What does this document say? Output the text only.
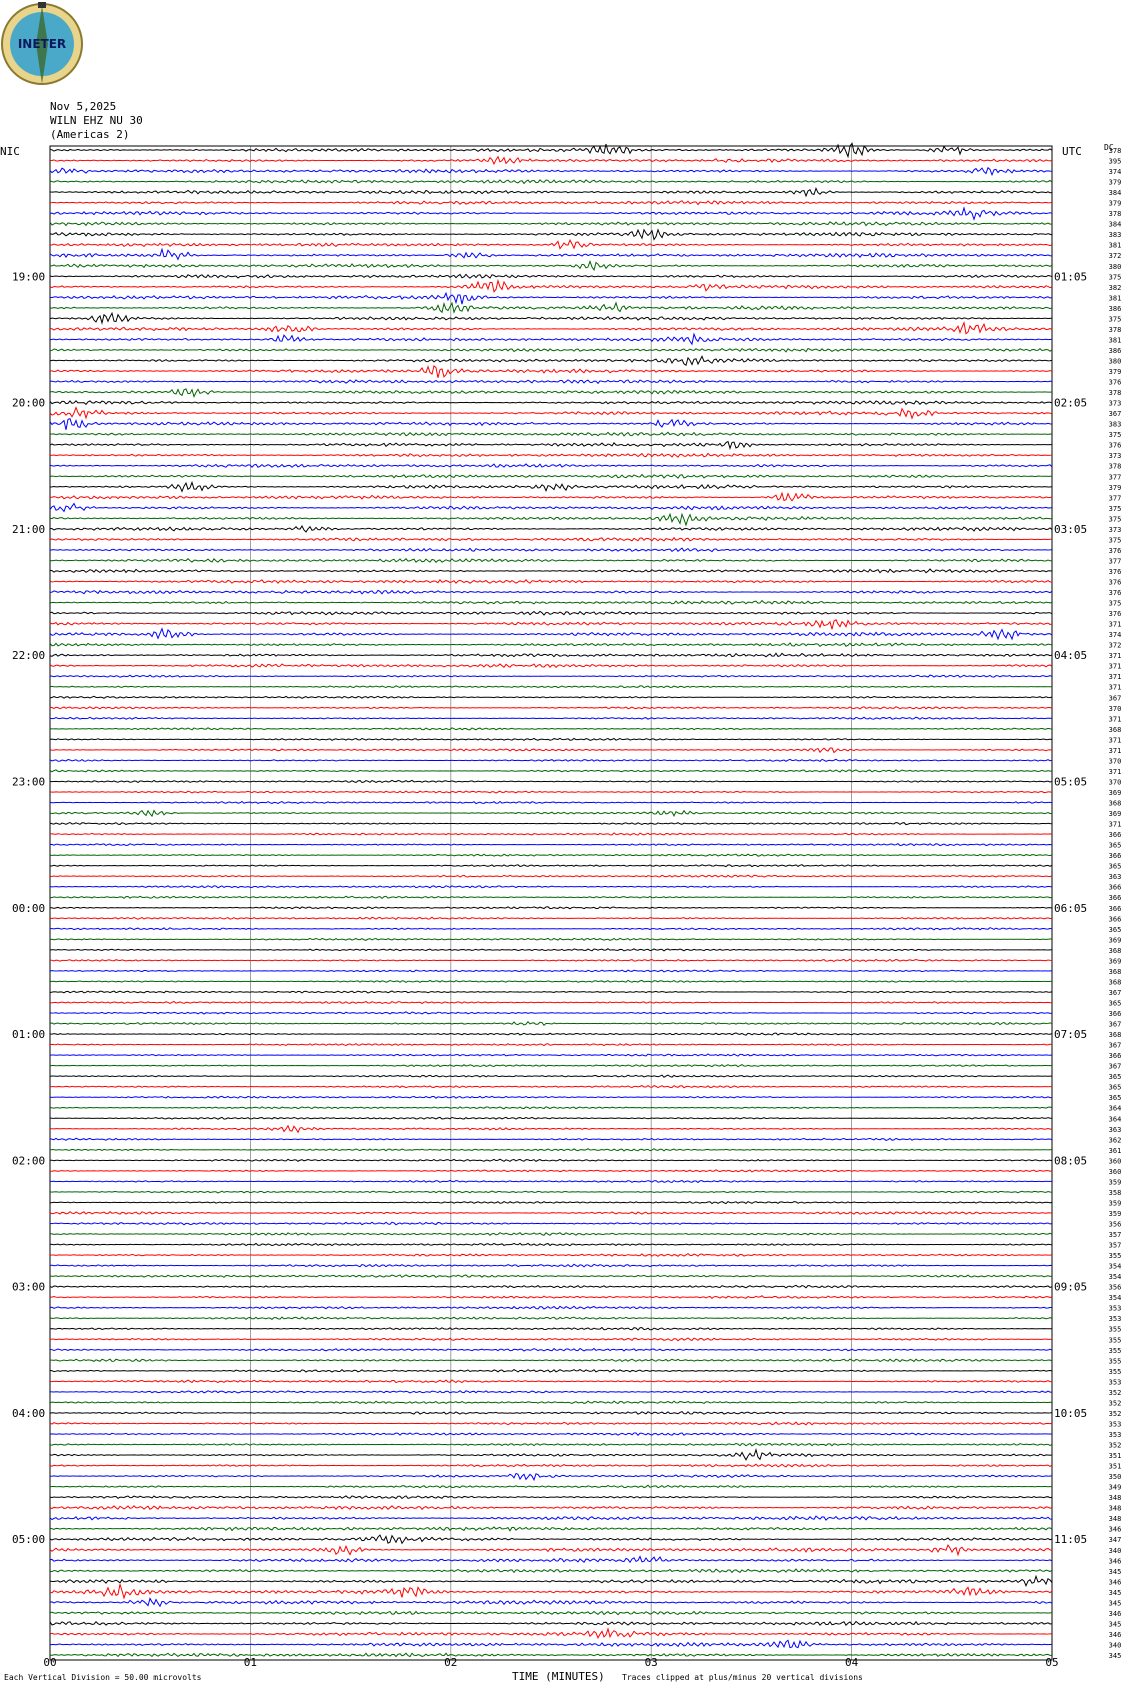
INETER
Nov 5,2025
WILN EHZ NU 30
(Americas 2)
NIC	UTC	DC
00	01	02	03	04	05
378
395
374
379
384
379
378
384
383
381
372
380
375
382
381
386
375
378
381
386
380
379
376
378
373
367
383
375
376
373
378
377
379
377
375
375
373
375
376
377
376
376
376
375
376
371
374
372
371
371
371
371
367
370
371
368
371
371
370
371
370
369
368
369
371
366
365
366
365
363
366
366
366
366
365
369
368
369
368
368
367
365
366
367
368
367
366
367
365
365
365
364
364
363
362
361
360
360
359
358
359
359
356
357
357
355
354
354
356
354
353
353
355
355
355
355
355
353
352
352
352
353
353
352
351
351
350
349
348
348
348
346
347
340
346
345
346
345
345
346
345
346
340
345
19:00	01:05
20:00	02:05
21:00	03:05
22:00	04:05
23:00	05:05
00:00	06:05
01:00	07:05
02:00	08:05
03:00	09:05
04:00	10:05
05:00	11:05
Each Vertical Division = 50.00 microvolts	TIME (MINUTES) Traces clipped at plus/minus 20 vertical divisions
